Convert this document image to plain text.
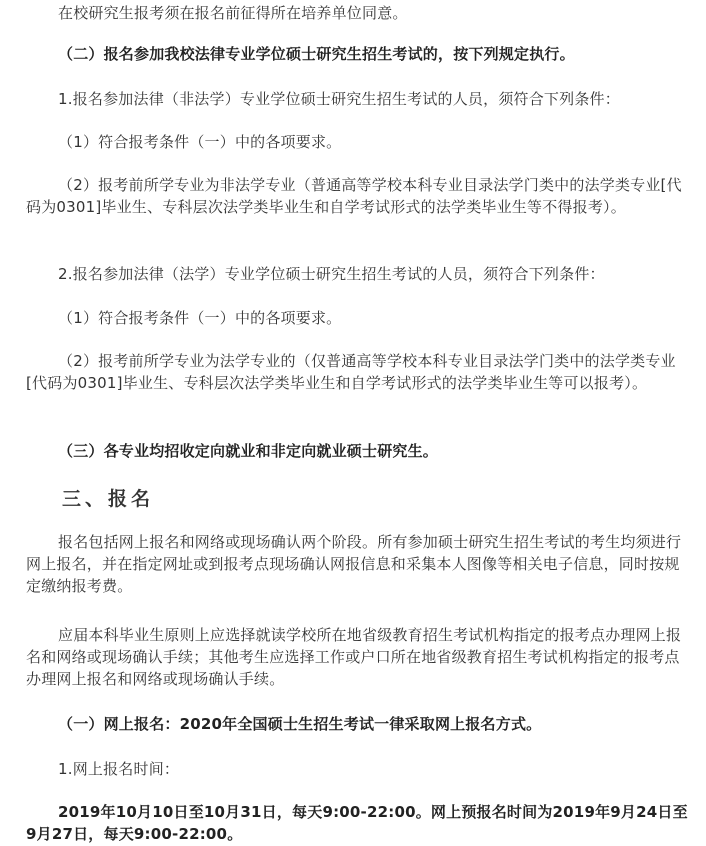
在校研究生报考须在报名前征得所在培养单位同意。

（二）报名参加我校法律专业学位硕士研究生招生考试的，按下列规定执行。

1.报名参加法律（非法学）专业学位硕士研究生招生考试的人员，须符合下列条件：

（1）符合报考条件（一）中的各项要求。

（2）报考前所学专业为非法学专业（普通高等学校本科专业目录法学门类中的法学类专业[代码为0301]毕业生、专科层次法学类毕业生和自学考试形式的法学类毕业生等不得报考）。

2.报名参加法律（法学）专业学位硕士研究生招生考试的人员，须符合下列条件：

（1）符合报考条件（一）中的各项要求。

（2）报考前所学专业为法学专业的（仅普通高等学校本科专业目录法学门类中的法学类专业[代码为0301]毕业生、专科层次法学类毕业生和自学考试形式的法学类毕业生等可以报考）。

（三）各专业均招收定向就业和非定向就业硕士研究生。

三、报名

报名包括网上报名和网络或现场确认两个阶段。所有参加硕士研究生招生考试的考生均须进行网上报名，并在指定网址或到报考点现场确认网报信息和采集本人图像等相关电子信息，同时按规定缴纳报考费。

应届本科毕业生原则上应选择就读学校所在地省级教育招生考试机构指定的报考点办理网上报名和网络或现场确认手续；其他考生应选择工作或户口所在地省级教育招生考试机构指定的报考点办理网上报名和网络或现场确认手续。

（一）网上报名：2020年全国硕士生招生考试一律采取网上报名方式。

1.网上报名时间：

2019年10月10日至10月31日，每天9:00-22:00。网上预报名时间为2019年9月24日至9月27日，每天9:00-22:00。
